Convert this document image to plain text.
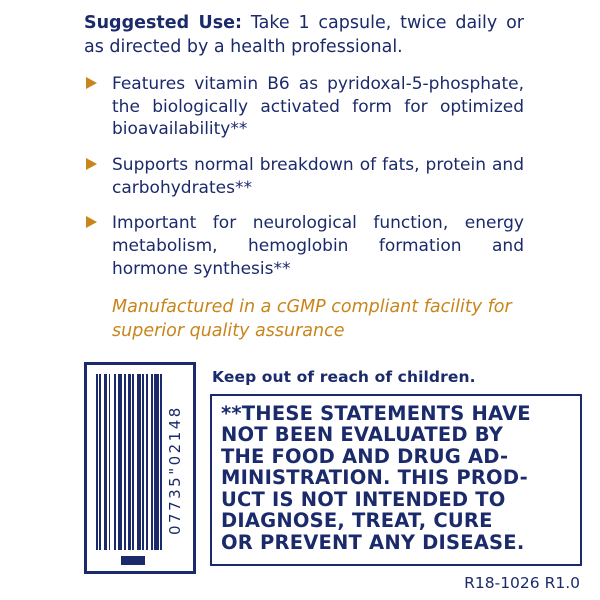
Suggested Use: Take 1 capsule, twice daily or as directed by a health professional.

Features vitamin B6 as pyridoxal-5-phosphate, the biologically activated form for optimized bioavailability**
Supports normal breakdown of fats, protein and carbohydrates**
Important for neurological function, energy metabolism, hemoglobin formation and hormone synthesis**

Manufactured in a cGMP compliant facility for superior quality assurance

07735"02148
8
Keep out of reach of children.
**THESE STATEMENTS HAVE
NOT BEEN EVALUATED BY
THE FOOD AND DRUG AD-
MINISTRATION. THIS PROD-
UCT IS NOT INTENDED TO
DIAGNOSE, TREAT, CURE
OR PREVENT ANY DISEASE.
R18-1026 R1.0
